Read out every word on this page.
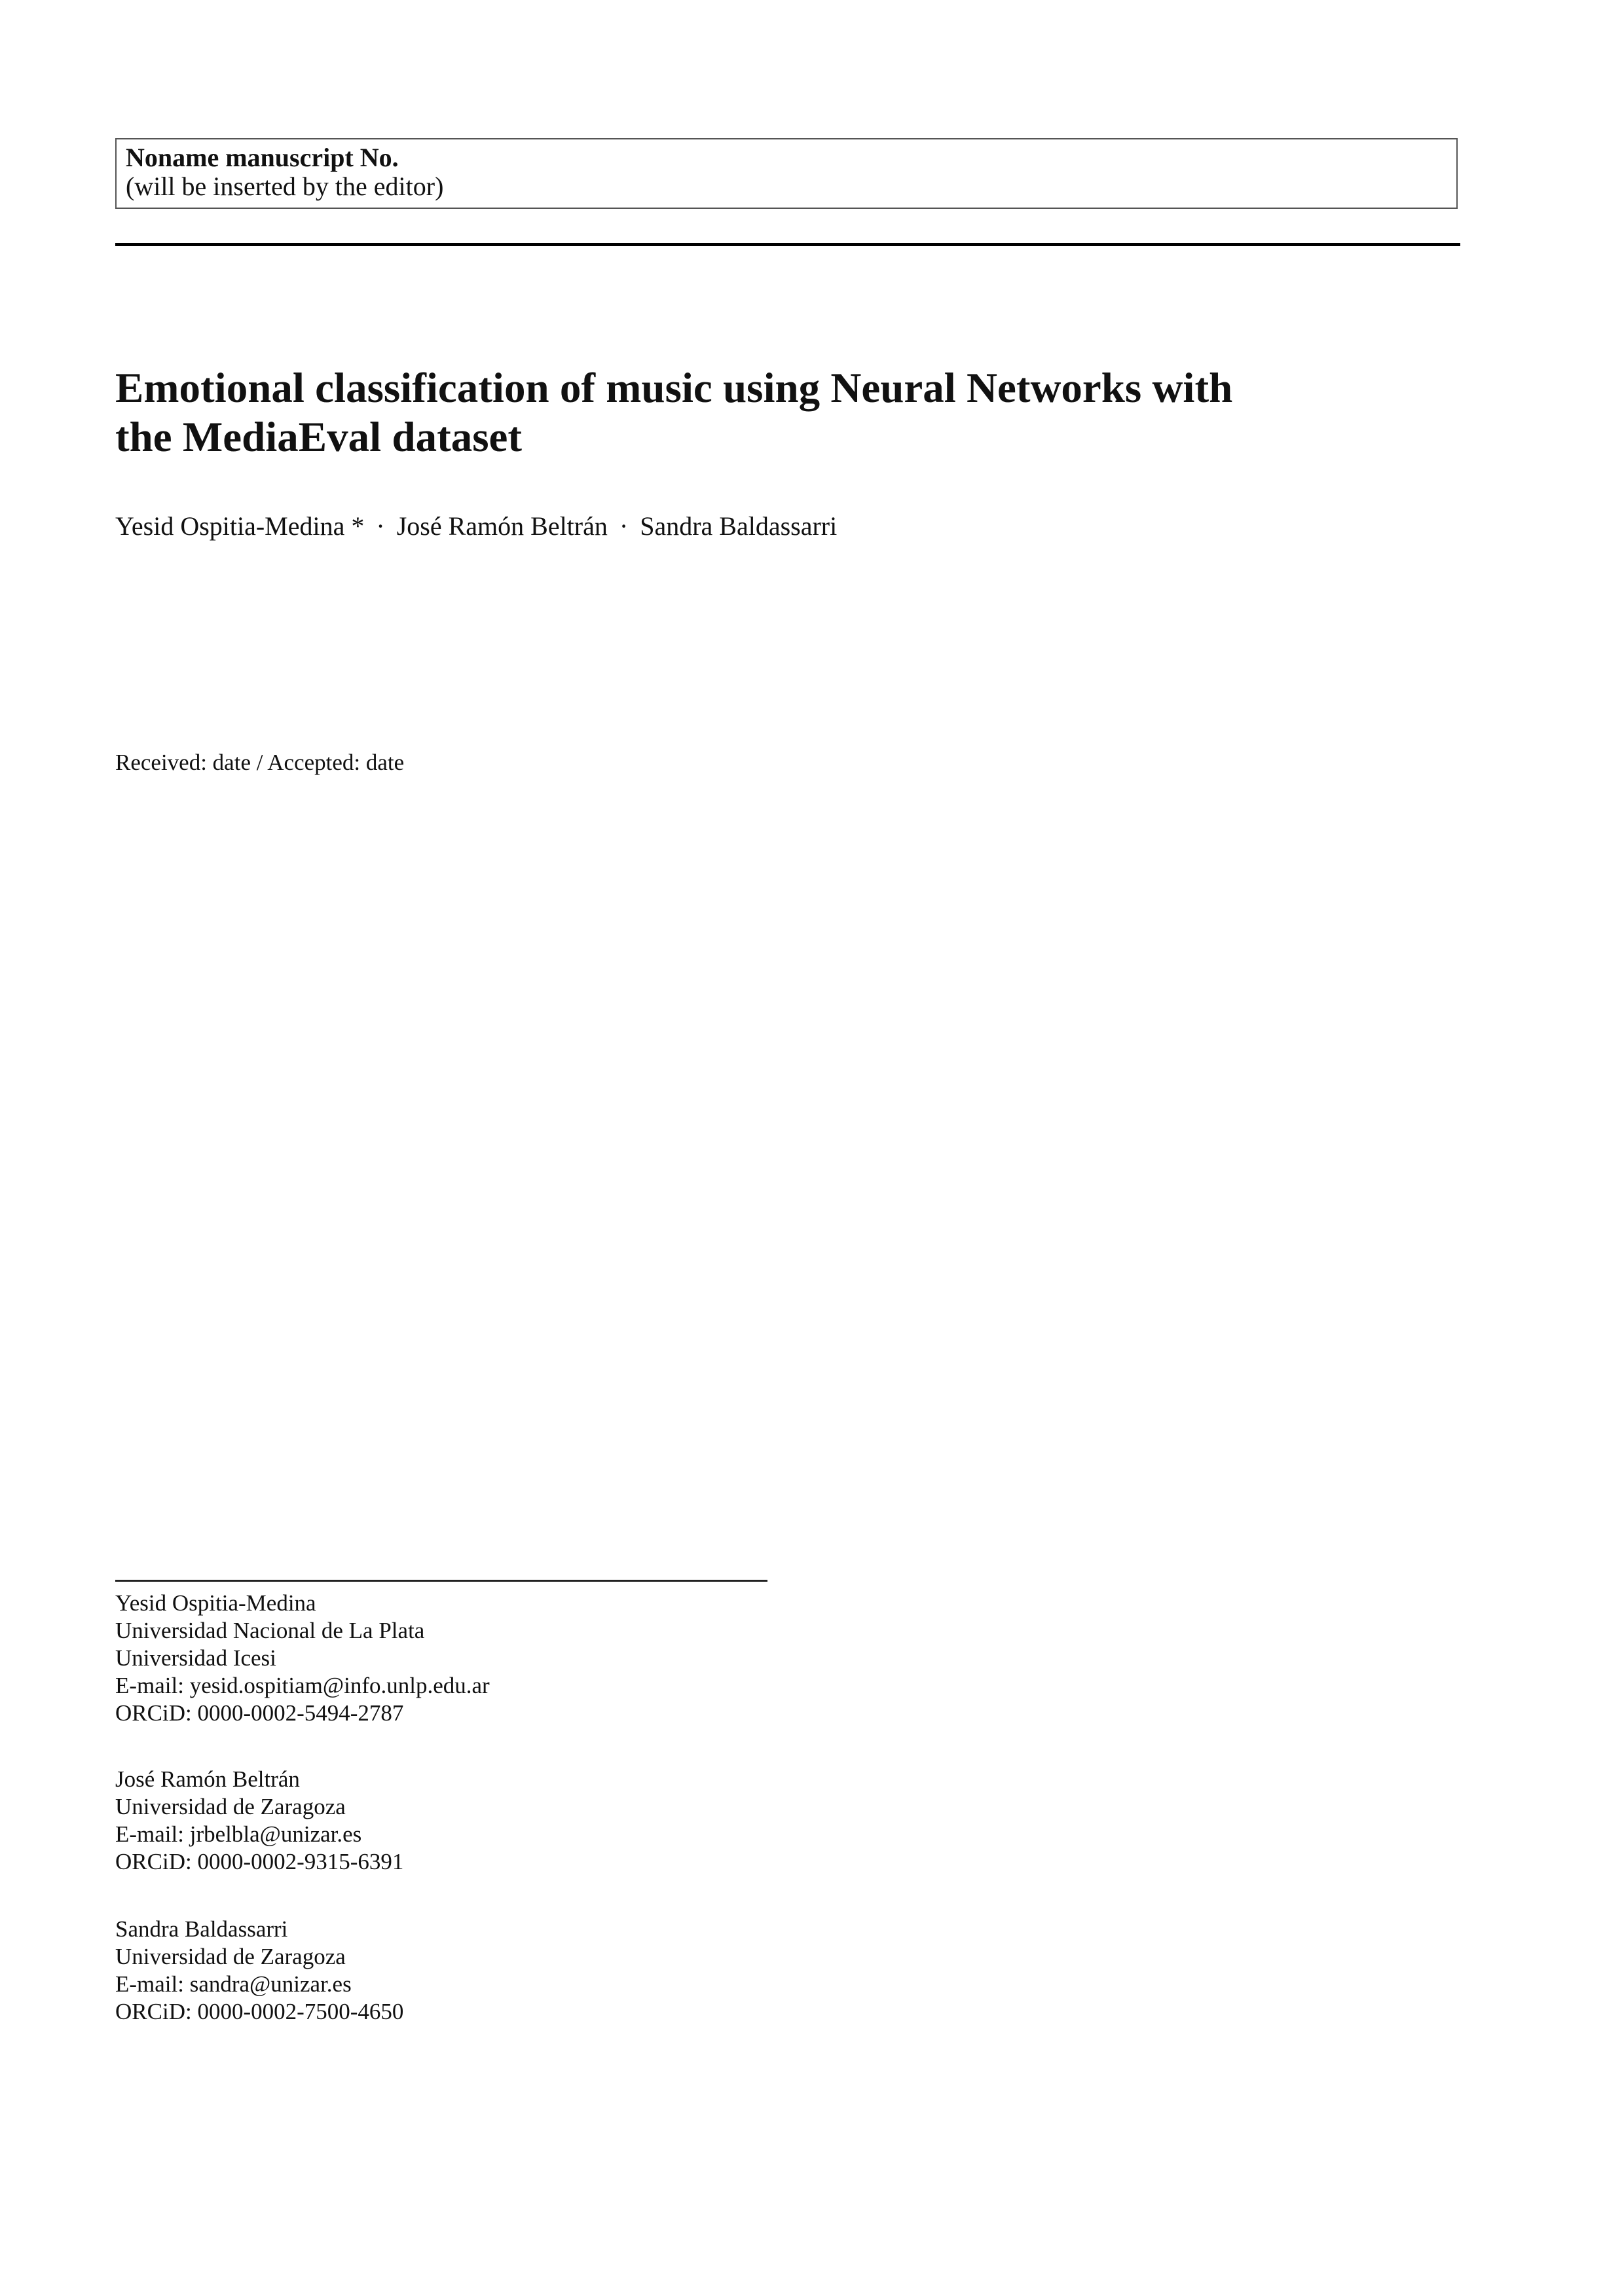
Noname manuscript No.
(will be inserted by the editor)
Emotional classification of music using Neural Networks with
the MediaEval dataset
Yesid Ospitia-Medina * · José Ramón Beltrán · Sandra Baldassarri
Received: date / Accepted: date
Yesid Ospitia-Medina
Universidad Nacional de La Plata
Universidad Icesi
E-mail: yesid.ospitiam@info.unlp.edu.ar
ORCiD: 0000-0002-5494-2787
José Ramón Beltrán
Universidad de Zaragoza
E-mail: jrbelbla@unizar.es
ORCiD: 0000-0002-9315-6391
Sandra Baldassarri
Universidad de Zaragoza
E-mail: sandra@unizar.es
ORCiD: 0000-0002-7500-4650
